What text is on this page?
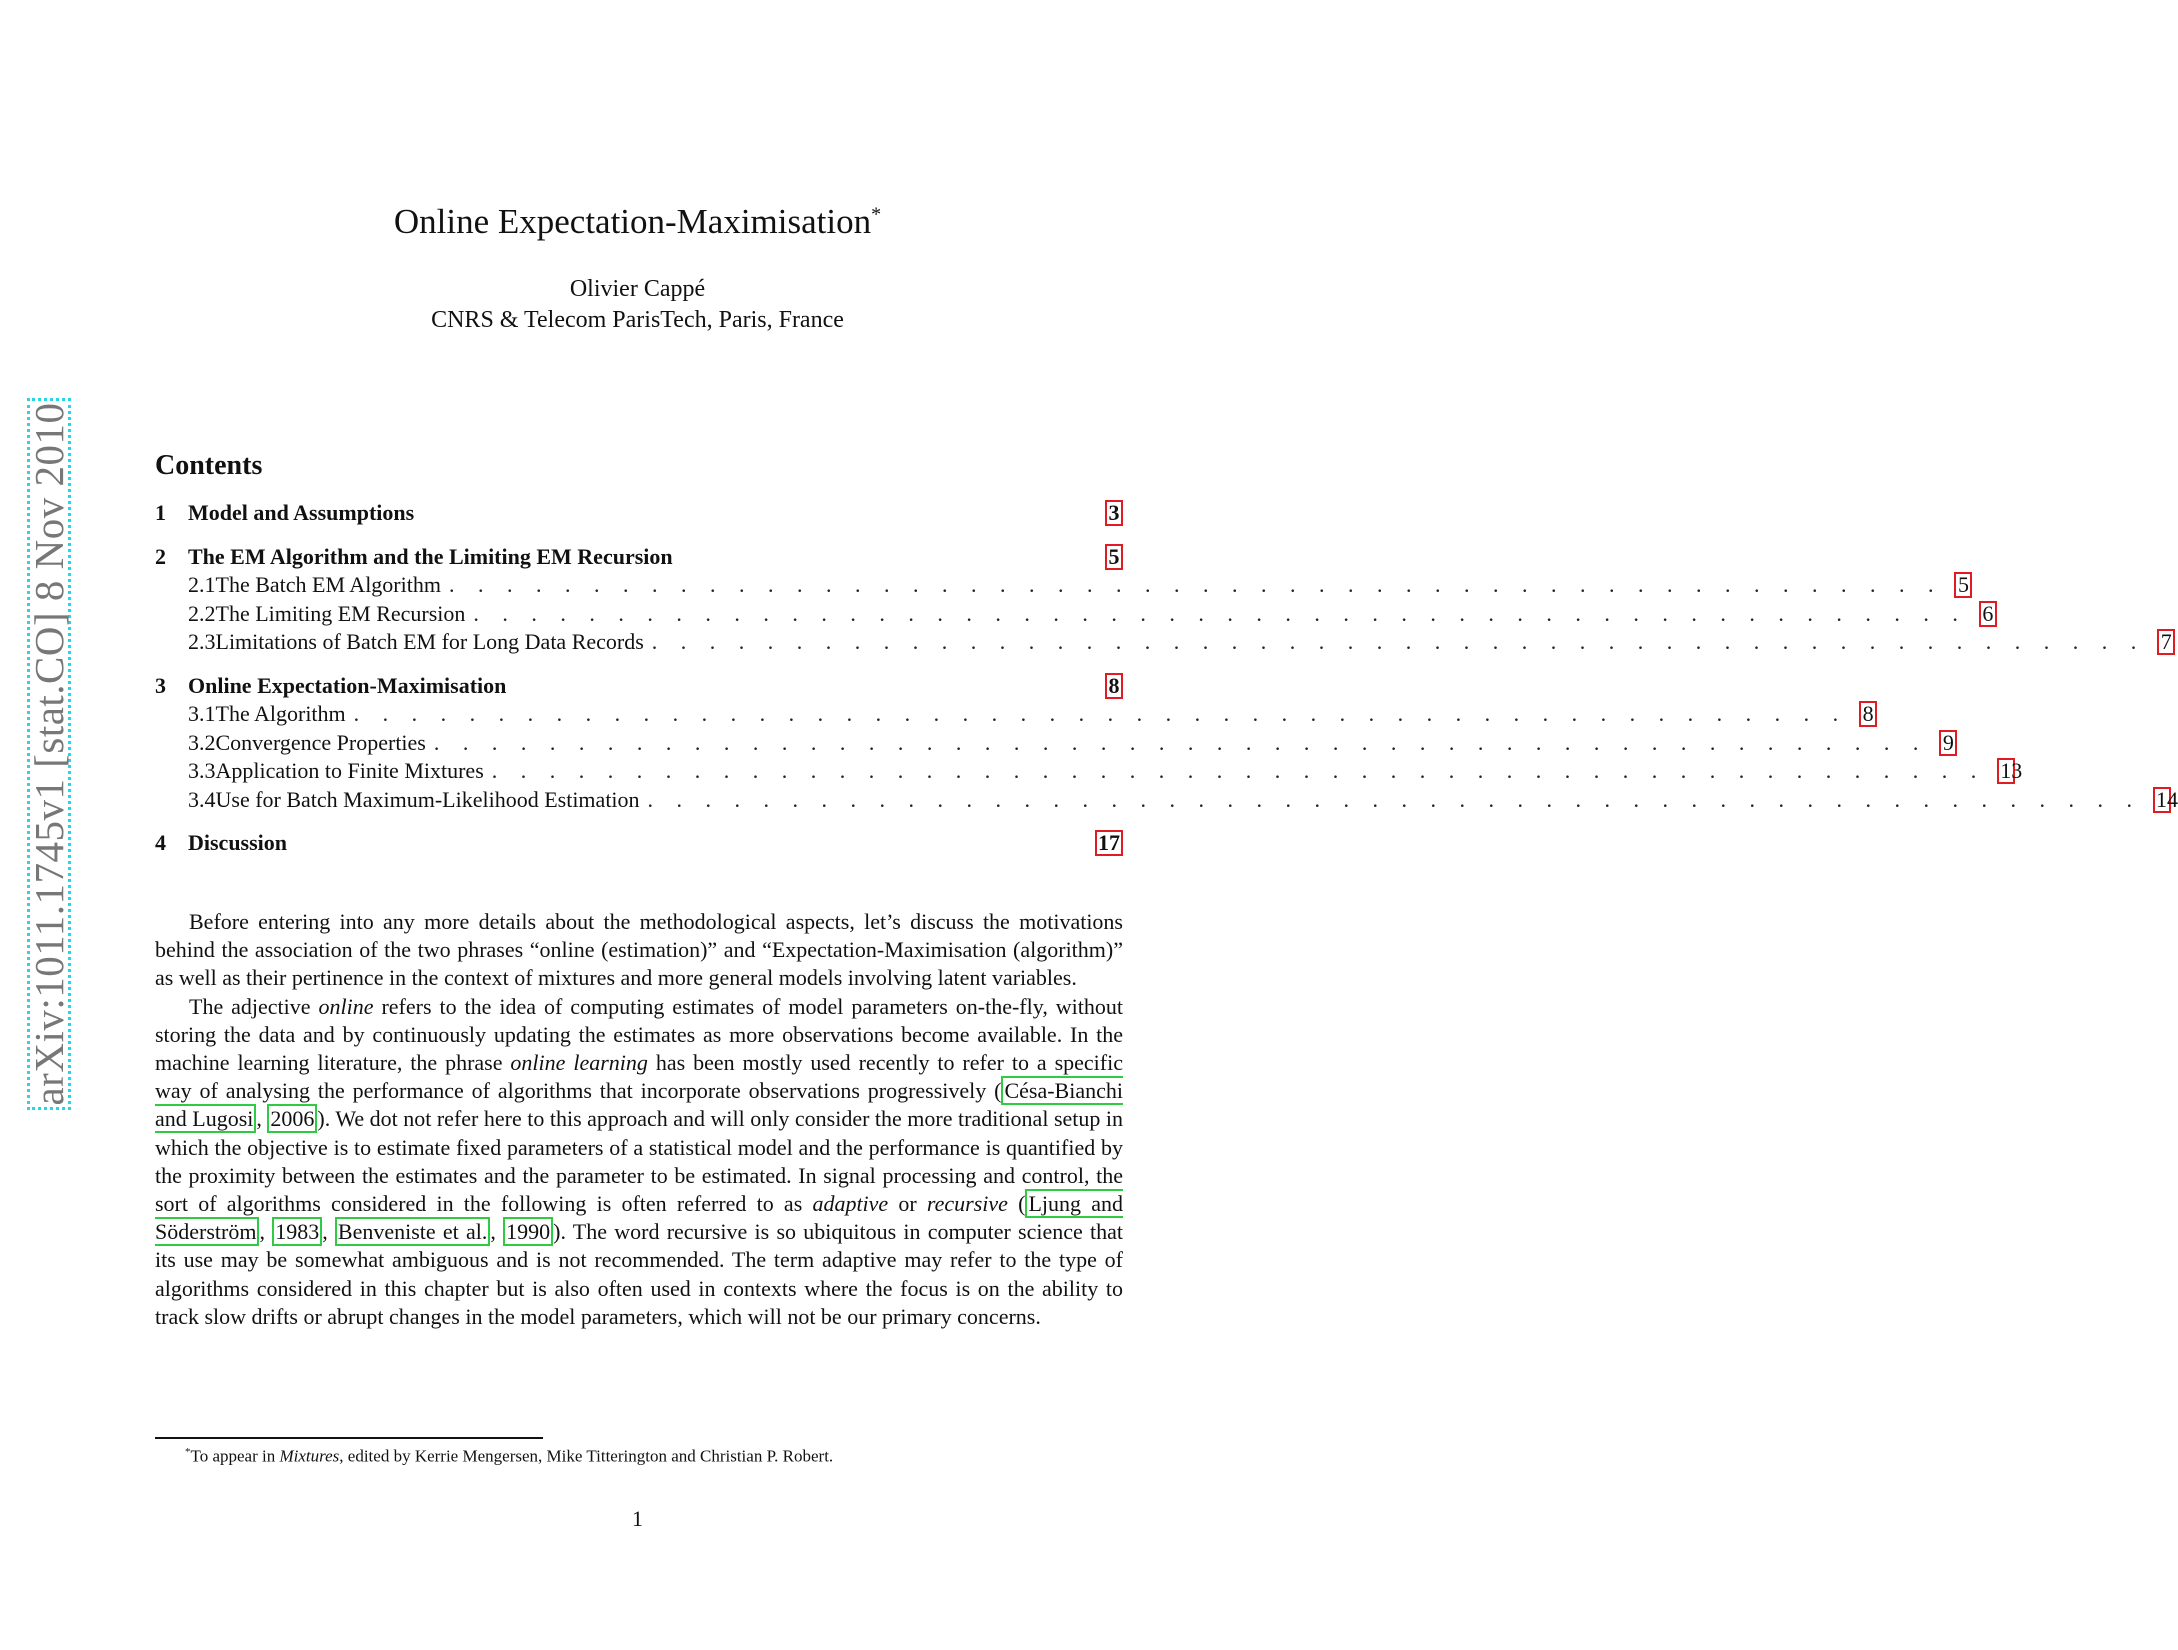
arXiv:1011.1745v1 [stat.CO] 8 Nov 2010
Online Expectation-Maximisation*
Olivier Cappé
CNRS & Telecom ParisTech, Paris, France
Contents
1	Model and Assumptions	3
2	The EM Algorithm and the Limiting EM Recursion	5
2.1 The Batch EM Algorithm . . . . . . . . . . . . . . . . . . . . . . . . . . . . . . . . . . . . . . . . . . . . . . . . . . . . 5
2.2 The Limiting EM Recursion . . . . . . . . . . . . . . . . . . . . . . . . . . . . . . . . . . . . . . . . . . . . . . . . . . . . 6
2.3 Limitations of Batch EM for Long Data Records . . . . . . . . . . . . . . . . . . . . . . . . . . . . . . . . . . . . . . . . . . . . . . . . . . . . 7
3	Online Expectation-Maximisation	8
3.1 The Algorithm . . . . . . . . . . . . . . . . . . . . . . . . . . . . . . . . . . . . . . . . . . . . . . . . . . . . 8
3.2 Convergence Properties . . . . . . . . . . . . . . . . . . . . . . . . . . . . . . . . . . . . . . . . . . . . . . . . . . . . 9
3.3 Application to Finite Mixtures . . . . . . . . . . . . . . . . . . . . . . . . . . . . . . . . . . . . . . . . . . . . . . . . . . . . 13
3.4 Use for Batch Maximum-Likelihood Estimation . . . . . . . . . . . . . . . . . . . . . . . . . . . . . . . . . . . . . . . . . . . . . . . . . . . . 14
4	Discussion	17

Before entering into any more details about the methodological aspects, let’s discuss the motivations behind the association of the two phrases “online (estimation)” and “Expectation-Maximisation (algorithm)” as well as their pertinence in the context of mixtures and more general models involving latent variables.

The adjective online refers to the idea of computing estimates of model parameters on-the-fly, without storing the data and by continuously updating the estimates as more observations become available. In the machine learning literature, the phrase online learning has been mostly used recently to refer to a specific way of analysing the performance of algorithms that incorporate observations progressively ( Césa-Bianchi and Lugosi , 2006 ). We dot not refer here to this approach and will only consider the more traditional setup in which the objective is to estimate fixed parameters of a statistical model and the performance is quantified by the proximity between the estimates and the parameter to be estimated. In signal processing and control, the sort of algorithms considered in the following is often referred to as adaptive or recursive ( Ljung and Söderström , 1983 , Benveniste et al. , 1990 ). The word recursive is so ubiquitous in computer science that its use may be somewhat ambiguous and is not recommended. The term adaptive may refer to the type of algorithms considered in this chapter but is also often used in contexts where the focus is on the ability to track slow drifts or abrupt changes in the model parameters, which will not be our primary concerns.

*To appear in Mixtures, edited by Kerrie Mengersen, Mike Titterington and Christian P. Robert.
1
